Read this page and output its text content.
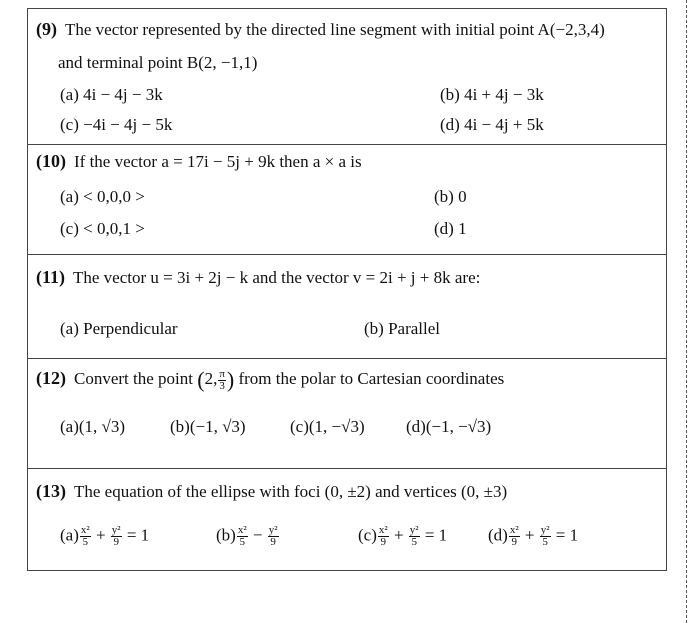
(9) The vector represented by the directed line segment with initial point A(−2,3,4)
and terminal point B(2, −1,1)
(a) 4i − 4j − 3k	(b) 4i + 4j − 3k
(c) −4i − 4j − 5k	(d) 4i − 4j + 5k
(10) If the vector a = 17i − 5j + 9k then a × a is
(a) < 0,0,0 >	(b) 0
(c) < 0,0,1 >	(d) 1
(11) The vector u = 3i + 2j − k and the vector v = 2i + j + 8k are:
(a) Perpendicular	(b) Parallel
(12) Convert the point (2, $\frac{\pi}{3}$ ) from the polar to Cartesian coordinates
(a)(1, √3)	(b)(−1, √3)	(c)(1, −√3) (d)(−1, −√3)
(13) The equation of the ellipse with foci (0, ±2) and vertices (0, ±3)
$(a) \frac{\text{x²}}{5} + \frac{\text{y²}}{9} = 1$	$(b) \frac{\text{x²}}{5} - \frac{\text{y²}}{9}$	$(c) \frac{\text{x²}}{9} + \frac{\text{y²}}{5} = 1$ $(d) \frac{\text{x²}}{9} + \frac{\text{y²}}{5} = 1$
